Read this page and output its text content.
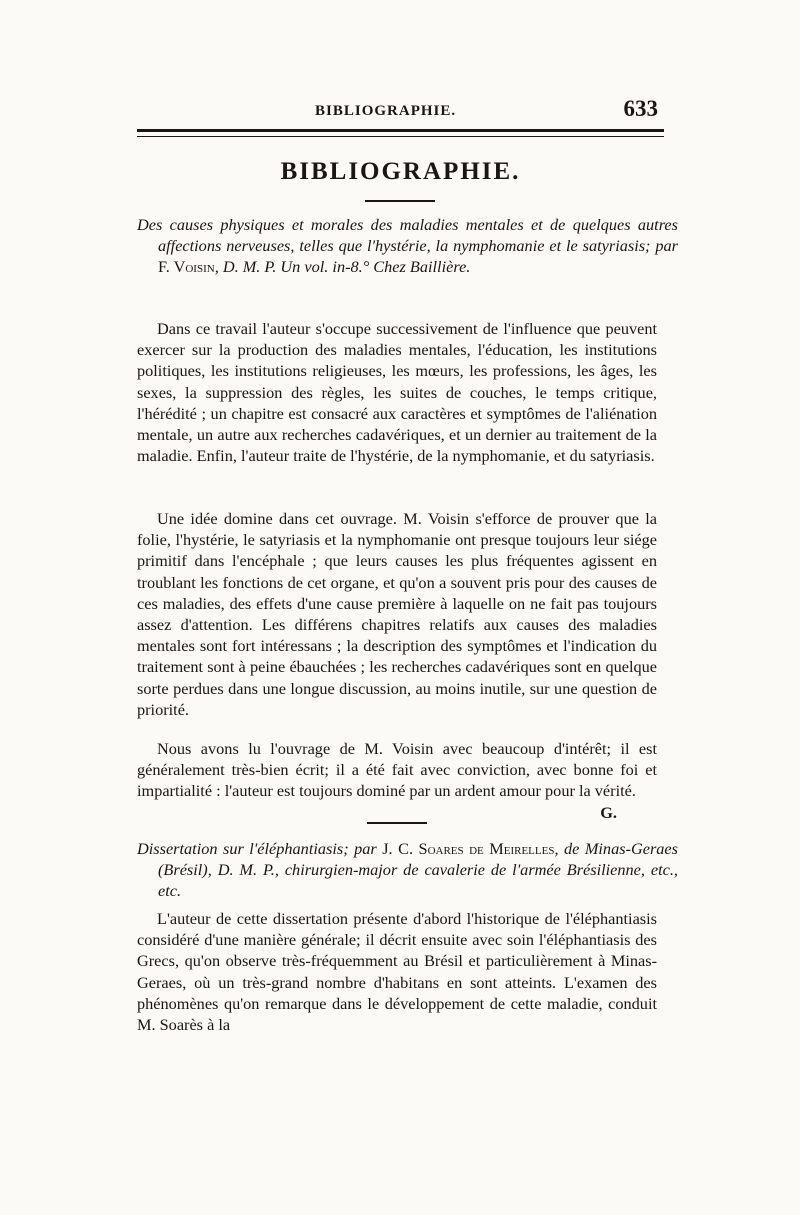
BIBLIOGRAPHIE.	633
BIBLIOGRAPHIE.
Des causes physiques et morales des maladies mentales et de quelques autres affections nerveuses, telles que l'hystérie, la nymphomanie et le satyriasis; par F. Voisin, D. M. P. Un vol. in-8.° Chez Baillière.

Dans ce travail l'auteur s'occupe successivement de l'influence que peuvent exercer sur la production des maladies mentales, l'éducation, les institutions politiques, les institutions religieuses, les mœurs, les professions, les âges, les sexes, la suppression des règles, les suites de couches, le temps critique, l'hérédité ; un chapitre est consacré aux caractères et symptômes de l'aliénation mentale, un autre aux recherches cadavériques, et un dernier au traitement de la maladie. Enfin, l'auteur traite de l'hystérie, de la nymphomanie, et du satyriasis.

Une idée domine dans cet ouvrage. M. Voisin s'efforce de prouver que la folie, l'hystérie, le satyriasis et la nymphomanie ont presque toujours leur siége primitif dans l'encéphale ; que leurs causes les plus fréquentes agissent en troublant les fonctions de cet organe, et qu'on a souvent pris pour des causes de ces maladies, des effets d'une cause première à laquelle on ne fait pas toujours assez d'attention. Les différens chapitres relatifs aux causes des maladies mentales sont fort intéressans ; la description des symptômes et l'indication du traitement sont à peine ébauchées ; les recherches cadavériques sont en quelque sorte perdues dans une longue discussion, au moins inutile, sur une question de priorité.

Nous avons lu l'ouvrage de M. Voisin avec beaucoup d'intérêt; il est généralement très-bien écrit; il a été fait avec conviction, avec bonne foi et impartialité : l'auteur est toujours dominé par un ardent amour pour la vérité.
G.

Dissertation sur l'éléphantiasis; par J. C. Soares de Meirelles, de Minas-Geraes (Brésil), D. M. P., chirurgien-major de cavalerie de l'armée Brésilienne, etc., etc.

L'auteur de cette dissertation présente d'abord l'historique de l'éléphantiasis considéré d'une manière générale; il décrit ensuite avec soin l'éléphantiasis des Grecs, qu'on observe très-fréquemment au Brésil et particulièrement à Minas-Geraes, où un très-grand nombre d'habitans en sont atteints. L'examen des phénomènes qu'on remarque dans le développement de cette maladie, conduit M. Soarès à la
